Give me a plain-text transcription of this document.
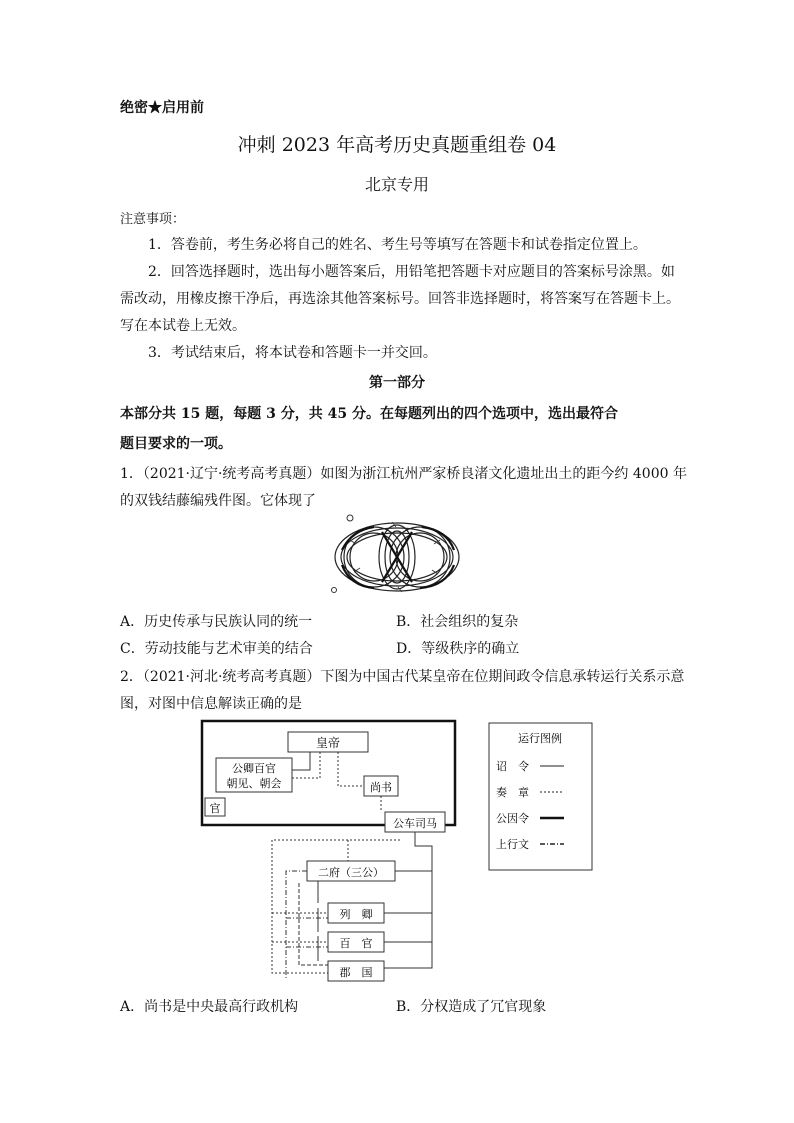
绝密★启用前
冲刺 2023 年高考历史真题重组卷 04
北京专用
注意事项：
1．答卷前，考生务必将自己的姓名、考生号等填写在答题卡和试卷指定位置上。
2．回答选择题时，选出每小题答案后，用铅笔把答题卡对应题目的答案标号涂黑。如
需改动，用橡皮擦干净后，再选涂其他答案标号。回答非选择题时，将答案写在答题卡上。
写在本试卷上无效。
3．考试结束后，将本试卷和答题卡一并交回。
第一部分
本部分共 15 题，每题 3 分，共 45 分。在每题列出的四个选项中，选出最符合
题目要求的一项。
1．（2021·辽宁·统考高考真题）如图为浙江杭州严家桥良渚文化遗址出土的距今约 4000 年
的双钱结藤编残件图。它体现了
A．历史传承与民族认同的统一	B．社会组织的复杂
C．劳动技能与艺术审美的结合	D．等级秩序的确立
2．（2021·河北·统考高考真题）下图为中国古代某皇帝在位期间政令信息承转运行关系示意
图，对图中信息解读正确的是
皇帝
公卿百官
朝见、朝会	尚书
公车司马
官
二府（三公）
列　卿
百　官
郡　国
运行图例
诏　令
奏　章
公因令
上行文
A．尚书是中央最高行政机构	B．分权造成了冗官现象
